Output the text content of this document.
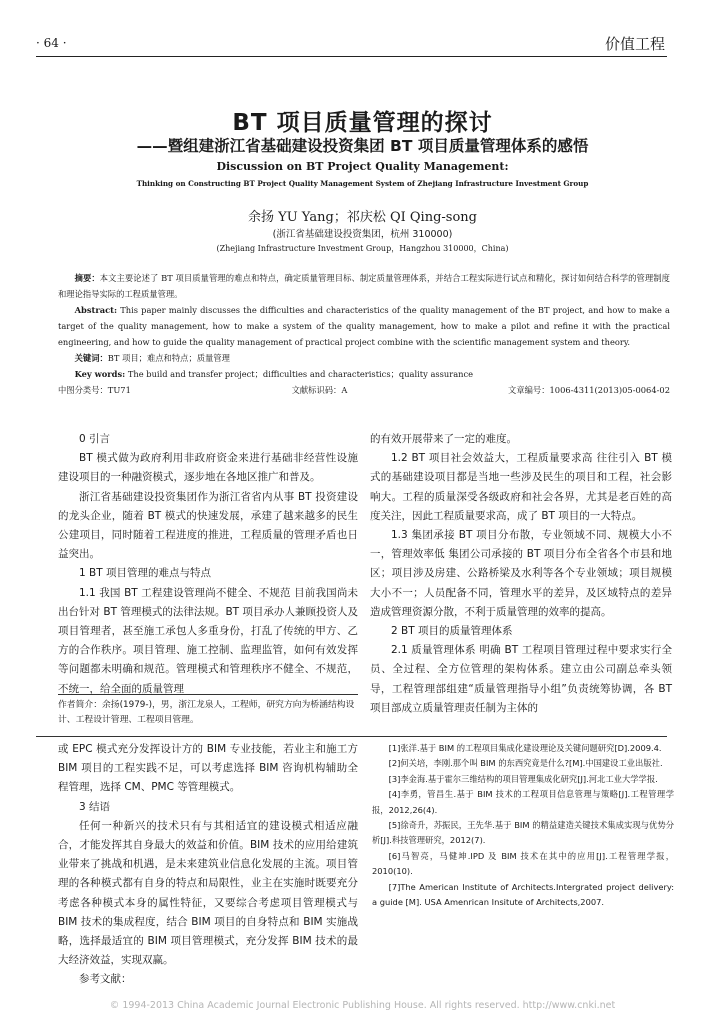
· 64 ·	价值工程
BT 项目质量管理的探讨
——暨组建浙江省基础建设投资集团 BT 项目质量管理体系的感悟
Discussion on BT Project Quality Management:
Thinking on Constructing BT Project Quality Management System of Zhejiang Infrastructure Investment Group
余扬 YU Yang；祁庆松 QI Qing-song
(浙江省基础建设投资集团，杭州 310000)
(Zhejiang Infrastructure Investment Group，Hangzhou 310000，China)

摘要：本文主要论述了 BT 项目质量管理的难点和特点，确定质量管理目标、制定质量管理体系，并结合工程实际进行试点和精化，探讨如何结合科学的管理制度和理论指导实际的工程质量管理。

Abstract: This paper mainly discusses the difficulties and characteristics of the quality management of the BT project, and how to make a target of the quality management, how to make a system of the quality management, how to make a pilot and refine it with the practical engineering, and how to guide the quality management of practical project combine with the scientific management system and theory.

关键词：BT 项目；难点和特点；质量管理

Key words: The build and transfer project；difficulties and characteristics；quality assurance

中图分类号：TU71	文献标识码：A	文章编号：1006-4311(2013)05-0064-02

0 引言

BT 模式做为政府利用非政府资金来进行基础非经营性设施建设项目的一种融资模式，逐步地在各地区推广和普及。

浙江省基础建设投资集团作为浙江省省内从事 BT 投资建设的龙头企业，随着 BT 模式的快速发展，承建了越来越多的民生公建项目，同时随着工程进度的推进，工程质量的管理矛盾也日益突出。

1 BT 项目管理的难点与特点

1.1 我国 BT 工程建设管理尚不健全、不规范 目前我国尚未出台针对 BT 管理模式的法律法规。BT 项目承办人兼顾投资人及项目管理者，甚至施工承包人多重身份，打乱了传统的甲方、乙方的合作秩序。项目管理、施工控制、监理监管，如何有效发挥等问题都未明确和规范。管理模式和管理秩序不健全、不规范，不统一，给全面的质量管理

的有效开展带来了一定的难度。

1.2 BT 项目社会效益大，工程质量要求高 往往引入 BT 模式的基础建设项目都是当地一些涉及民生的项目和工程，社会影响大。工程的质量深受各级政府和社会各界，尤其是老百姓的高度关注，因此工程质量要求高，成了 BT 项目的一大特点。

1.3 集团承接 BT 项目分布散，专业领域不同、规模大小不一，管理效率低 集团公司承接的 BT 项目分布全省各个市县和地区；项目涉及房建、公路桥梁及水利等各个专业领域；项目规模大小不一；人员配备不同，管理水平的差异，及区域特点的差异造成管理资源分散，不利于质量管理的效率的提高。

2 BT 项目的质量管理体系

2.1 质量管理体系 明确 BT 工程项目管理过程中要求实行全员、全过程、全方位管理的架构体系。建立由公司副总牵头领导，工程管理部组建“质量管理指导小组”负责统筹协调，各 BT 项目部成立质量管理责任制为主体的

作者简介：余扬(1979-)，男，浙江龙泉人，工程师，研究方向为桥涵结构设计、工程设计管理、工程项目管理。

或 EPC 模式充分发挥设计方的 BIM 专业技能，若业主和施工方 BIM 项目的工程实践不足，可以考虑选择 BIM 咨询机构辅助全程管理，选择 CM、PMC 等管理模式。

3 结语

任何一种新兴的技术只有与其相适宜的建设模式相适应融合，才能发挥其自身最大的效益和价值。BIM 技术的应用给建筑业带来了挑战和机遇，是未来建筑业信息化发展的主流。项目管理的各种模式都有自身的特点和局限性，业主在实施时既要充分考虑各种模式本身的属性特征，又要综合考虑项目管理模式与 BIM 技术的集成程度，结合 BIM 项目的自身特点和 BIM 实施战略，选择最适宜的 BIM 项目管理模式，充分发挥 BIM 技术的最大经济效益，实现双赢。

参考文献：

[1]张洋.基于 BIM 的工程项目集成化建设理论及关键问题研究[D].2009.4.

[2]何关培，李刚.那个叫 BIM 的东西究竟是什么?[M].中国建设工业出版社.

[3]李金海.基于霍尔三维结构的项目管理集成化研究[J].河北工业大学学报.

[4]李勇，管昌生.基于 BIM 技术的工程项目信息管理与策略[J].工程管理学报，2012,26(4).

[5]徐奇升，苏振民，王先华.基于 BIM 的精益建造关键技术集成实现与优势分析[J].科技管理研究，2012(7).

[6]马智亮，马健坤.IPD 及 BIM 技术在其中的应用[J].工程管理学报，2010(10).

[7]The American Institute of Architects.Intergrated project delivery: a guide [M]. USA Amenrican Insitute of Architects,2007.

© 1994-2013 China Academic Journal Electronic Publishing House. All rights reserved. http://www.cnki.net
